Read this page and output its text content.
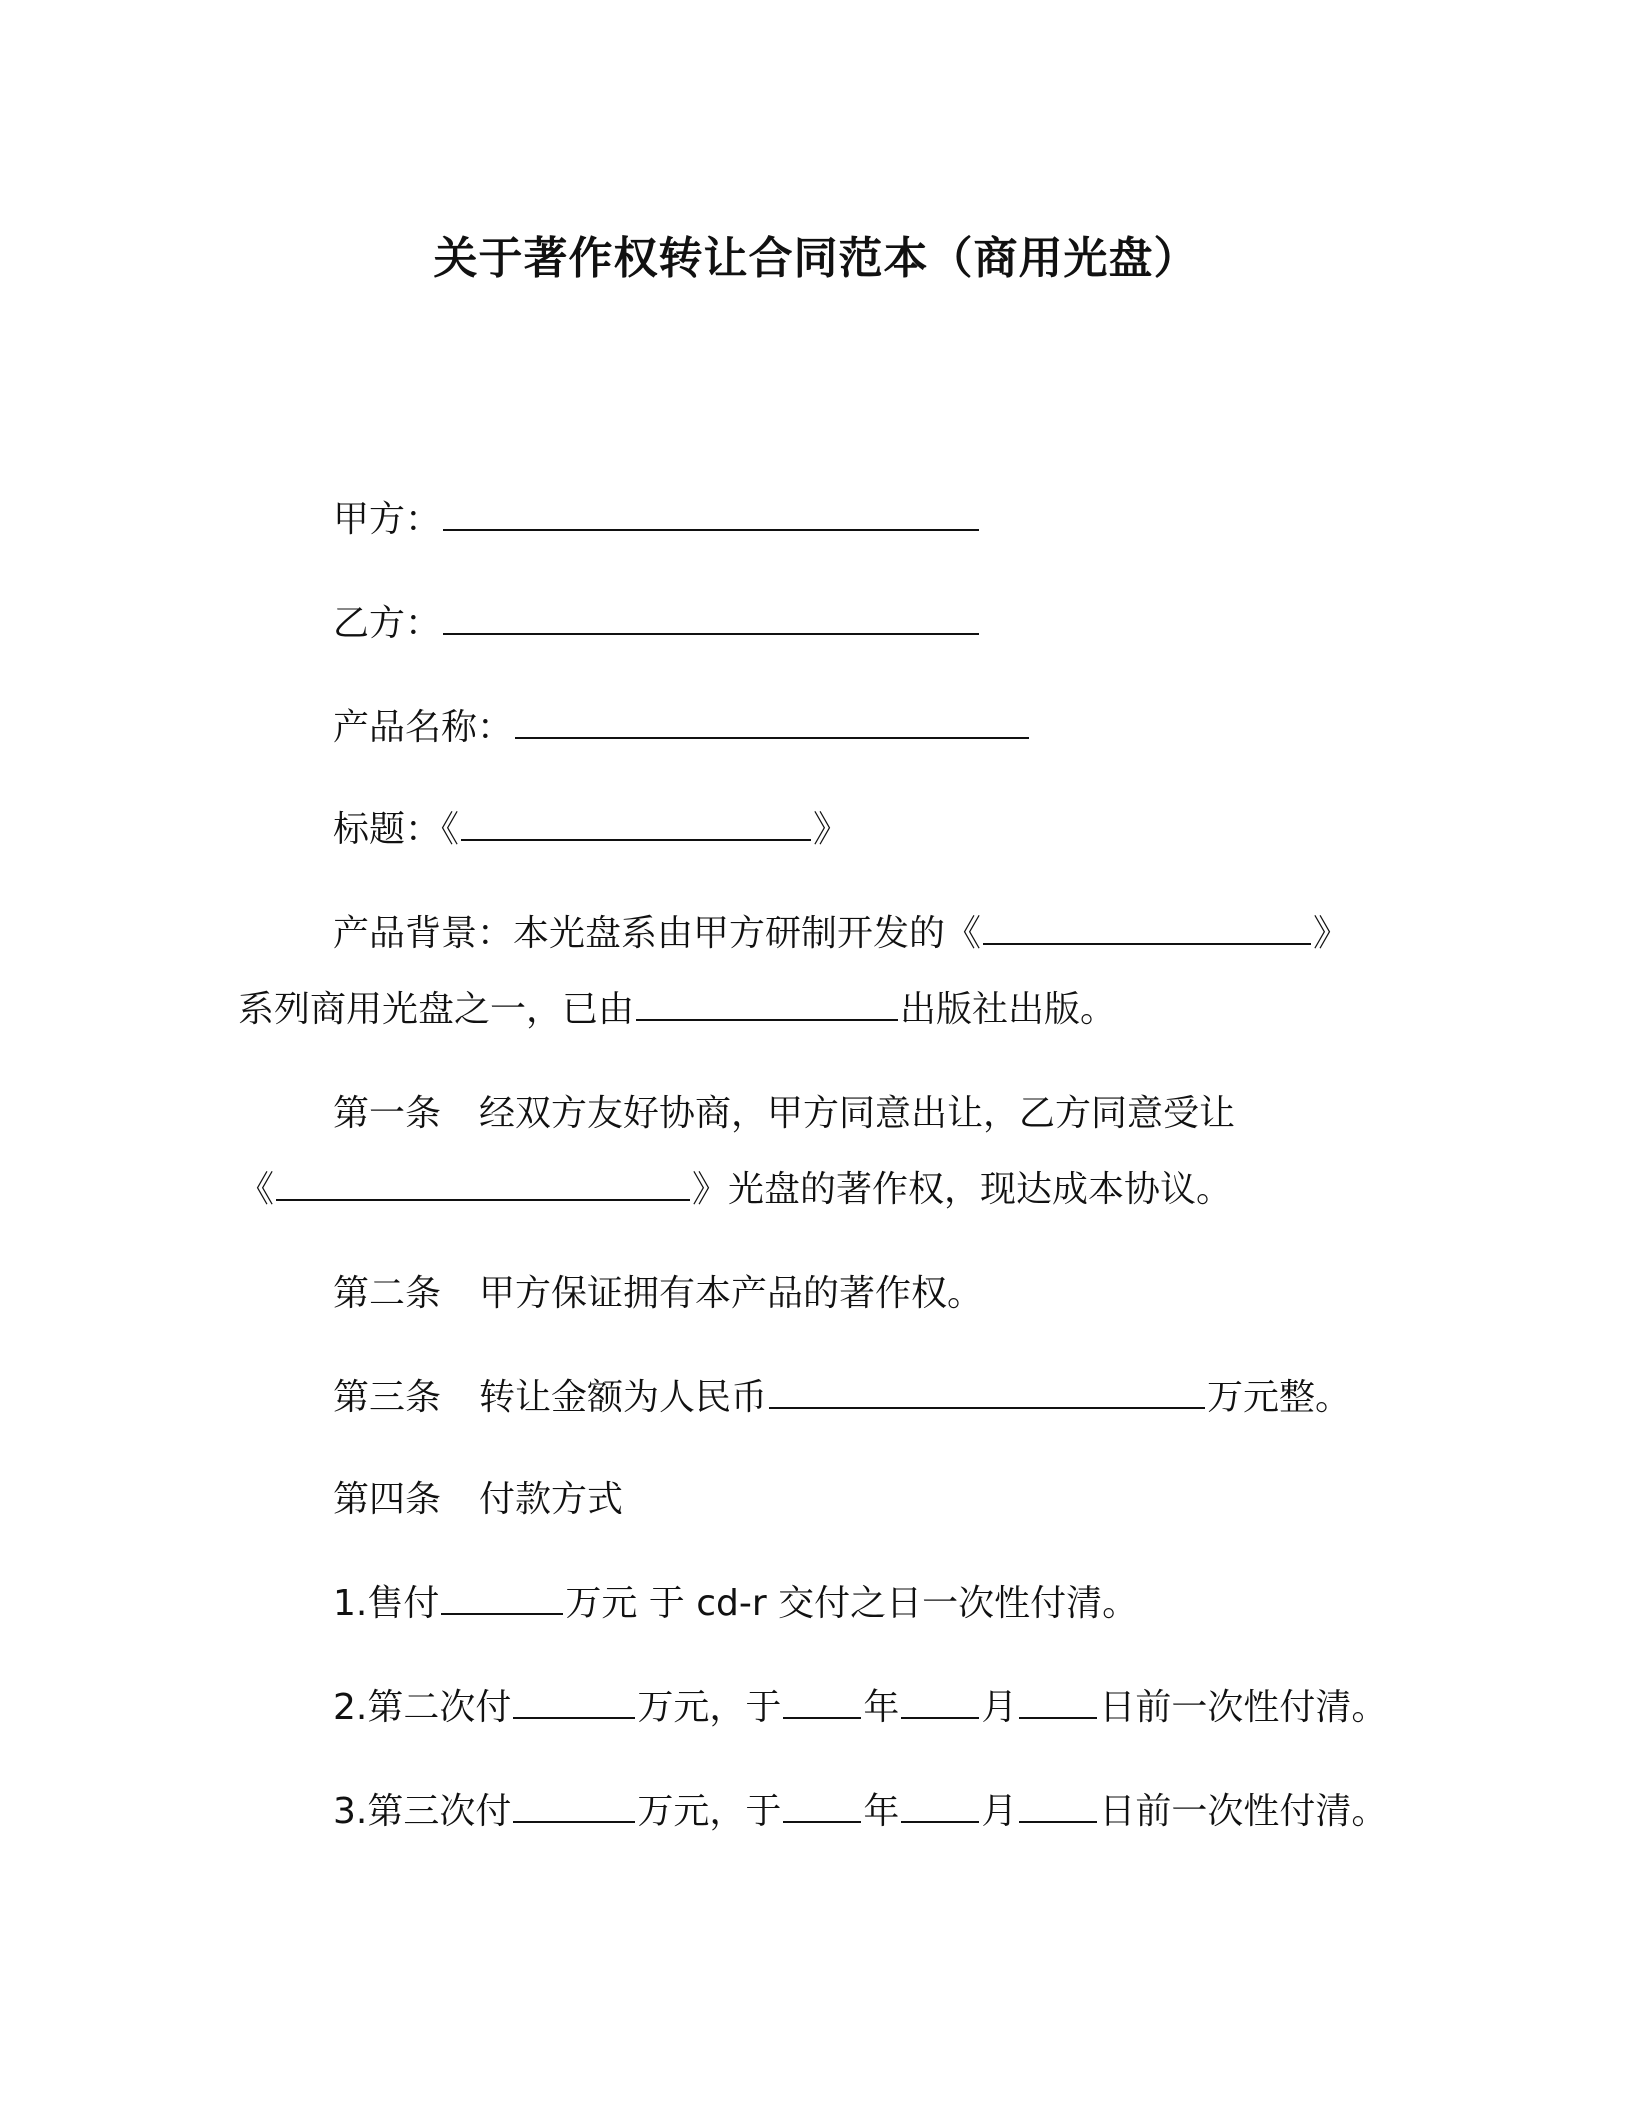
关于著作权转让合同范本（商用光盘）
甲方：
乙方：
产品名称：
标题：《	》
产品背景：本光盘系由甲方研制开发的《	》
系列商用光盘之一，已由	出版社出版。
第一条 经双方友好协商，甲方同意出让，乙方同意受让
《	》光盘的著作权，现达成本协议。
第二条 甲方保证拥有本产品的著作权。
第三条 转让金额为人民币	万元整。
第四条 付款方式
1.售付	万元 于 cd-r 交付之日一次性付清。
2.第二次付	万元，于 年 月 日前一次性付清。
3.第三次付	万元，于 年 月 日前一次性付清。
